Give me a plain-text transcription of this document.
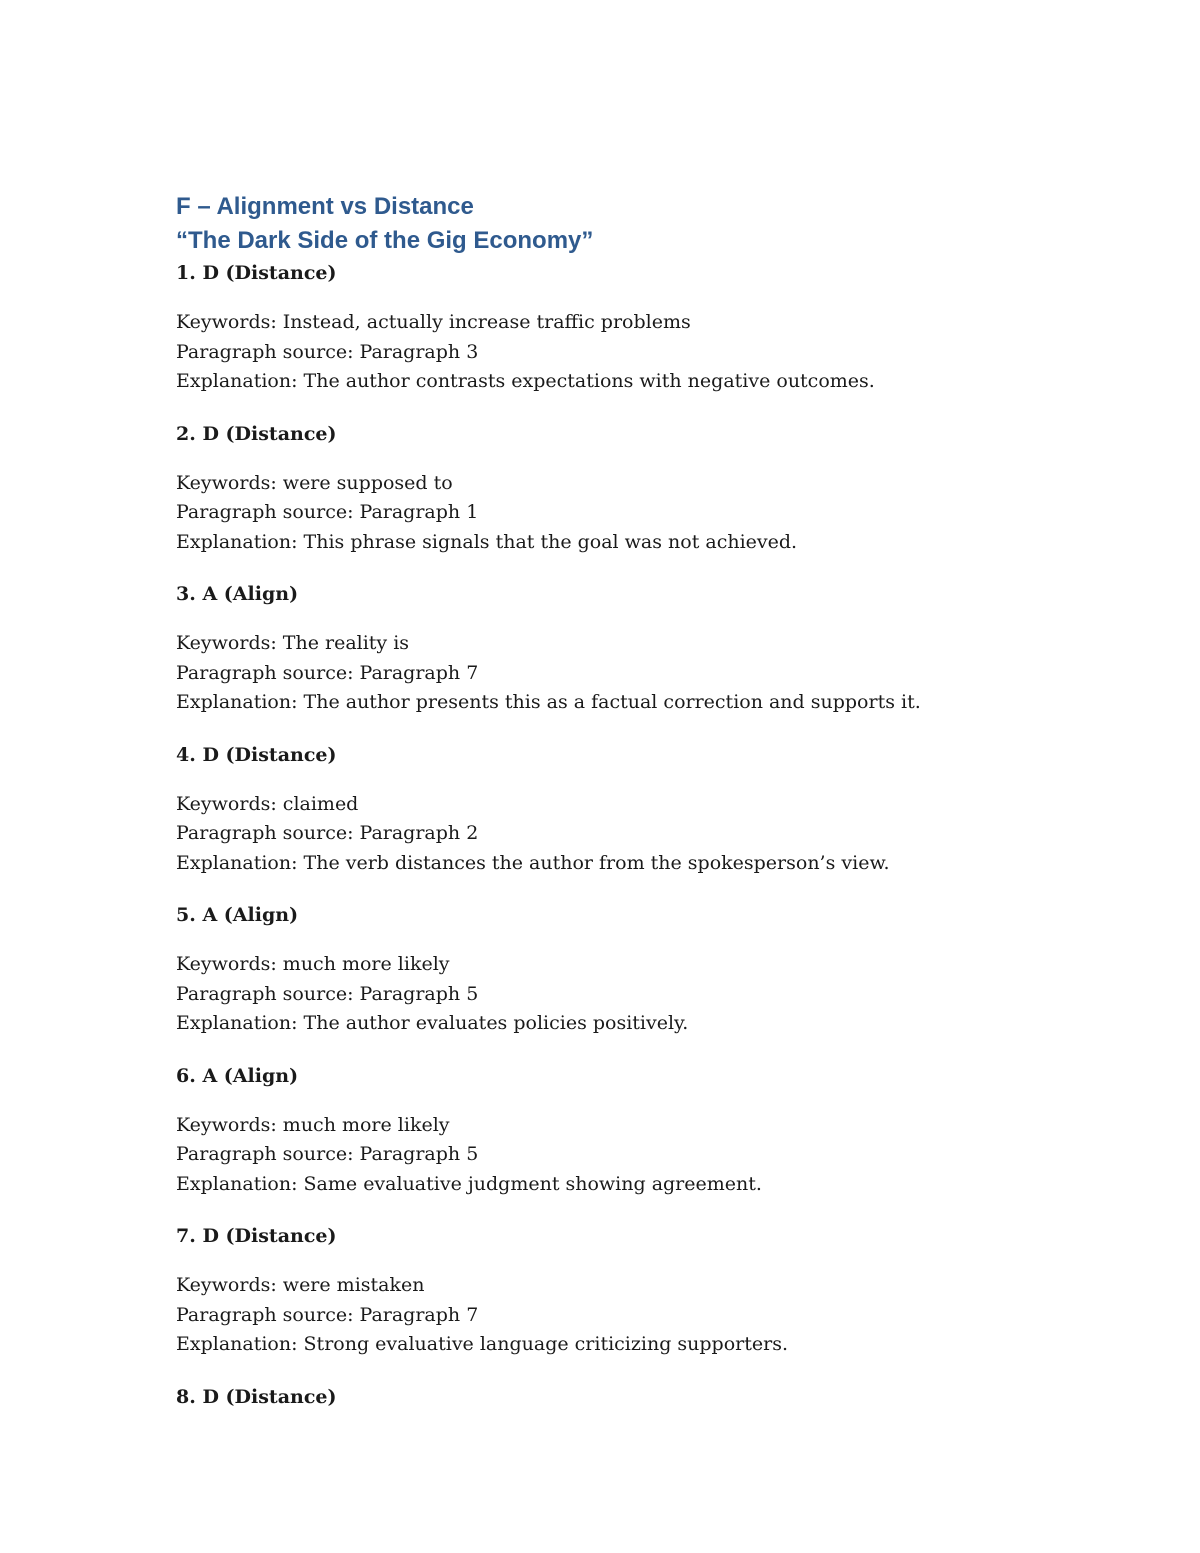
F – Alignment vs Distance
“The Dark Side of the Gig Economy”
1. D (Distance)
Keywords: Instead, actually increase traffic problems
Paragraph source: Paragraph 3
Explanation: The author contrasts expectations with negative outcomes.
2. D (Distance)
Keywords: were supposed to
Paragraph source: Paragraph 1
Explanation: This phrase signals that the goal was not achieved.
3. A (Align)
Keywords: The reality is
Paragraph source: Paragraph 7
Explanation: The author presents this as a factual correction and supports it.
4. D (Distance)
Keywords: claimed
Paragraph source: Paragraph 2
Explanation: The verb distances the author from the spokesperson’s view.
5. A (Align)
Keywords: much more likely
Paragraph source: Paragraph 5
Explanation: The author evaluates policies positively.
6. A (Align)
Keywords: much more likely
Paragraph source: Paragraph 5
Explanation: Same evaluative judgment showing agreement.
7. D (Distance)
Keywords: were mistaken
Paragraph source: Paragraph 7
Explanation: Strong evaluative language criticizing supporters.
8. D (Distance)
